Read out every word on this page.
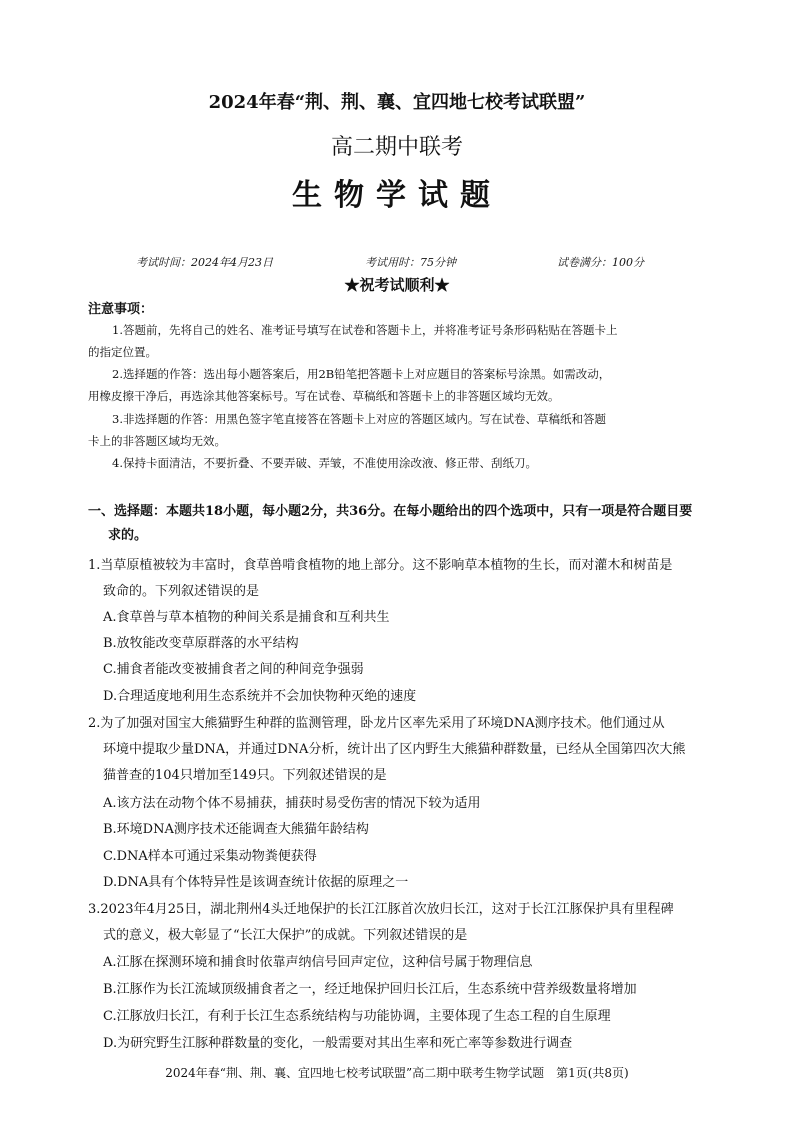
2024年春“荆、荆、襄、宜四地七校考试联盟”
高二期中联考
生物学试题
考试时间：2024年4月23日	考试用时：75分钟	试卷满分：100分
★祝考试顺利★
注意事项：
1.答题前，先将自己的姓名、准考证号填写在试卷和答题卡上，并将准考证号条形码粘贴在答题卡上
的指定位置。
2.选择题的作答：选出每小题答案后，用2B铅笔把答题卡上对应题目的答案标号涂黑。如需改动，
用橡皮擦干净后，再选涂其他答案标号。写在试卷、草稿纸和答题卡上的非答题区域均无效。
3.非选择题的作答：用黑色签字笔直接答在答题卡上对应的答题区域内。写在试卷、草稿纸和答题
卡上的非答题区域均无效。
4.保持卡面清洁，不要折叠、不要弄破、弄皱，不准使用涂改液、修正带、刮纸刀。
一、选择题：本题共18小题，每小题2分，共36分。在每小题给出的四个选项中，只有一项是符合题目要
求的。
1.当草原植被较为丰富时，食草兽啃食植物的地上部分。这不影响草本植物的生长，而对灌木和树苗是
致命的。下列叙述错误的是
A.食草兽与草本植物的种间关系是捕食和互利共生
B.放牧能改变草原群落的水平结构
C.捕食者能改变被捕食者之间的种间竞争强弱
D.合理适度地利用生态系统并不会加快物种灭绝的速度
2.为了加强对国宝大熊猫野生种群的监测管理，卧龙片区率先采用了环境DNA测序技术。他们通过从
环境中提取少量DNA，并通过DNA分析，统计出了区内野生大熊猫种群数量，已经从全国第四次大熊
猫普查的104只增加至149只。下列叙述错误的是
A.该方法在动物个体不易捕获，捕获时易受伤害的情况下较为适用
B.环境DNA测序技术还能调查大熊猫年龄结构
C.DNA样本可通过采集动物粪便获得
D.DNA具有个体特异性是该调查统计依据的原理之一
3.2023年4月25日，湖北荆州4头迁地保护的长江江豚首次放归长江，这对于长江江豚保护具有里程碑
式的意义，极大彰显了“长江大保护”的成就。下列叙述错误的是
A.江豚在探测环境和捕食时依靠声纳信号回声定位，这种信号属于物理信息
B.江豚作为长江流域顶级捕食者之一，经迁地保护回归长江后，生态系统中营养级数量将增加
C.江豚放归长江，有利于长江生态系统结构与功能协调，主要体现了生态工程的自生原理
D.为研究野生江豚种群数量的变化，一般需要对其出生率和死亡率等参数进行调查
2024年春“荆、荆、襄、宜四地七校考试联盟”高二期中联考生物学试题　第1页(共8页)
